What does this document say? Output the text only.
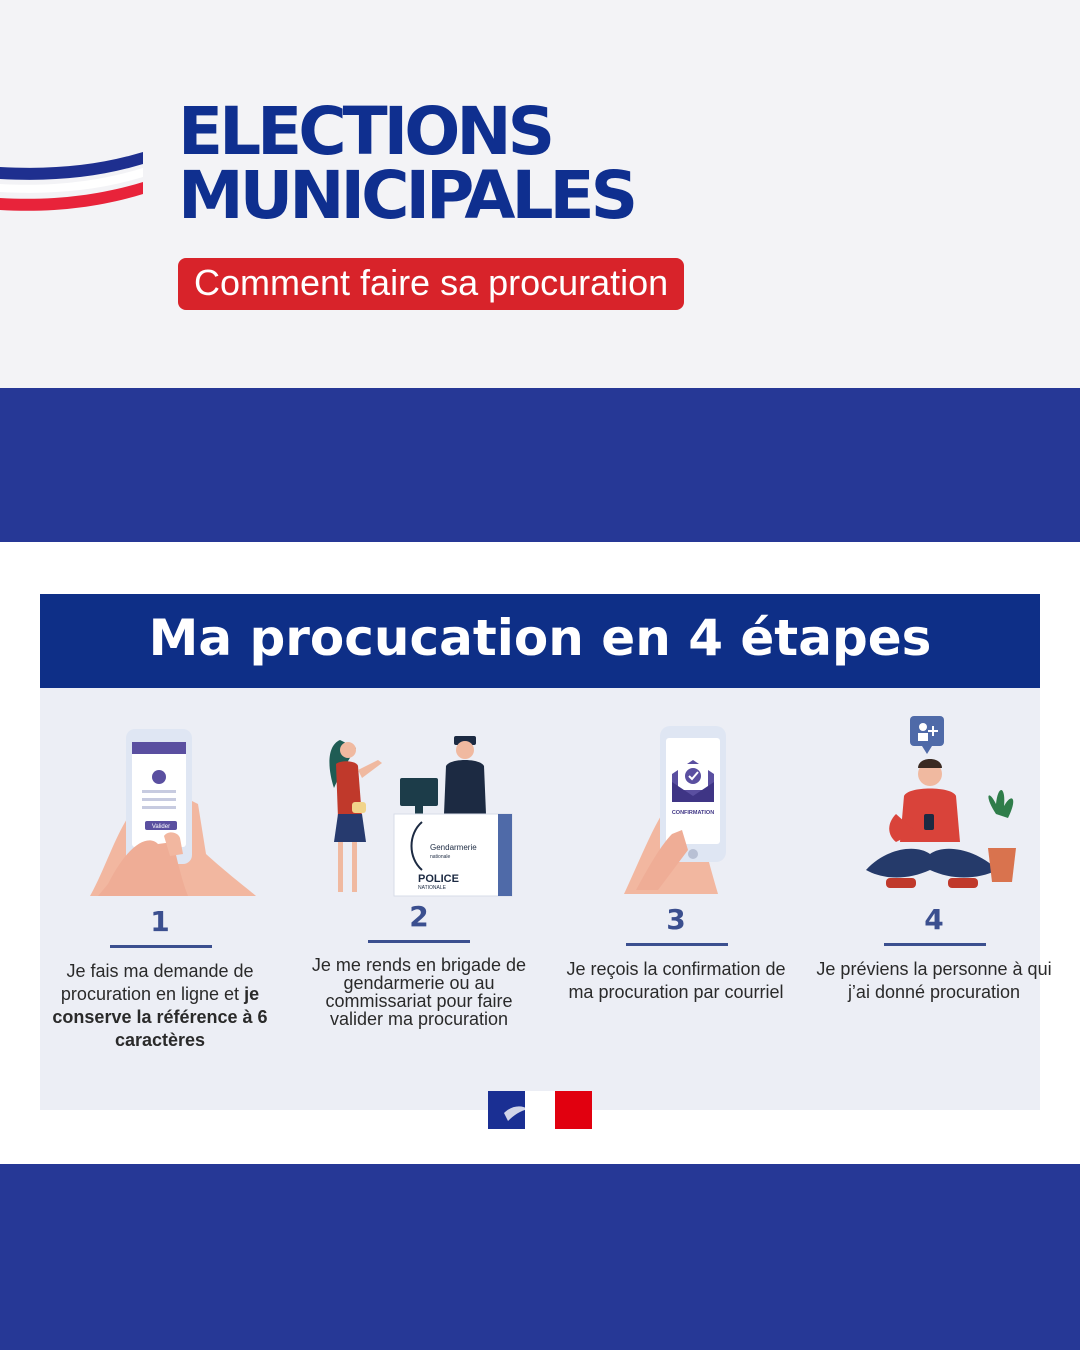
ELECTIONS
MUNICIPALES
Comment faire sa procuration
Ma procucation en 4 étapes
Valider
1
Je fais ma demande de procuration en ligne et je conserve la référence à 6 caractères
Gendarmerie
nationale
POLICE
NATIONALE
2
Je me rends en brigade de gendarmerie ou au commissariat pour faire valider ma procuration
CONFIRMATION
3
Je reçois la confirmation de ma procuration par courriel
4
Je préviens la personne à qui j’ai donné procuration
